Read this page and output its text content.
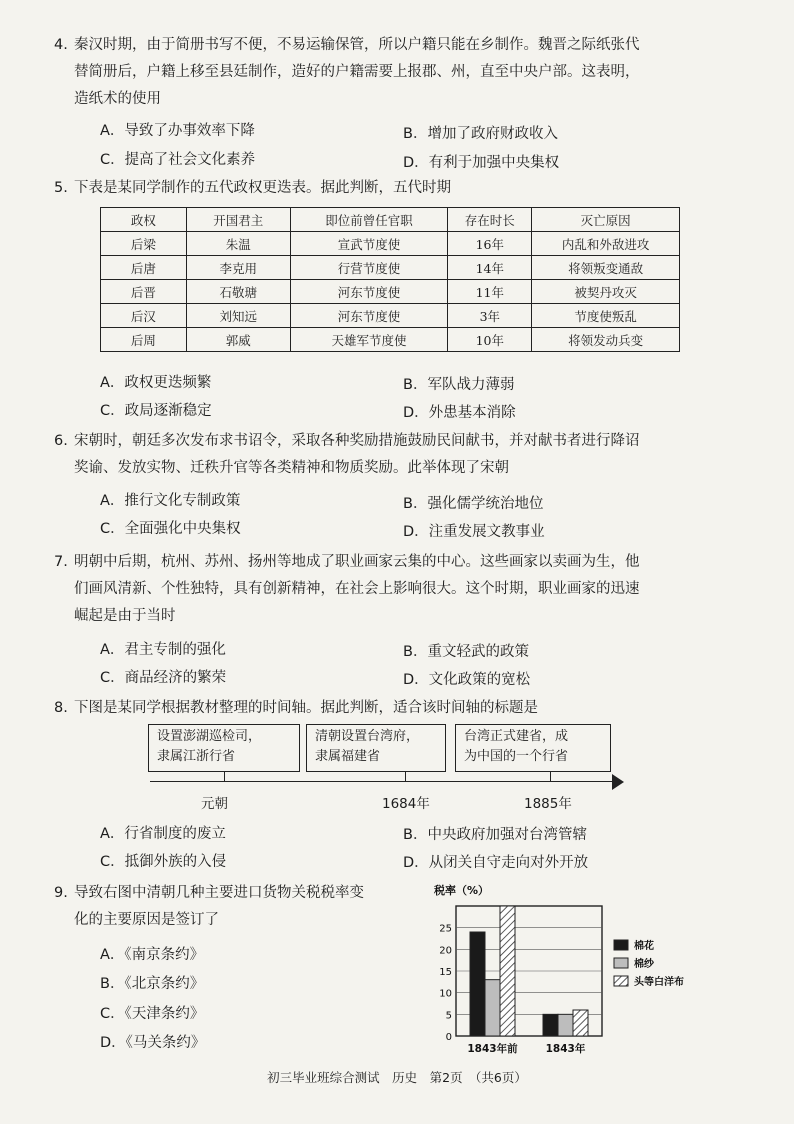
4. 秦汉时期，由于简册书写不便，不易运输保管，所以户籍只能在乡制作。魏晋之际纸张代
替简册后，户籍上移至县廷制作，造好的户籍需要上报郡、州，直至中央户部。这表明，
造纸术的使用
A．导致了办事效率下降	B．增加了政府财政收入
C．提高了社会文化素养	D．有利于加强中央集权
5. 下表是某同学制作的五代政权更迭表。据此判断，五代时期
政权	开国君主	即位前曾任官职	存在时长	灭亡原因
后梁	朱温	宣武节度使	16年	内乱和外敌进攻
后唐	李克用	行营节度使	14年	将领叛变通敌
后晋	石敬瑭	河东节度使	11年	被契丹攻灭
后汉	刘知远	河东节度使	3年	节度使叛乱
后周	郭威	天雄军节度使	10年	将领发动兵变
A．政权更迭频繁	B．军队战力薄弱
C．政局逐渐稳定	D．外患基本消除
6. 宋朝时，朝廷多次发布求书诏令，采取各种奖励措施鼓励民间献书，并对献书者进行降诏
奖谕、发放实物、迁秩升官等各类精神和物质奖励。此举体现了宋朝
A．推行文化专制政策	B．强化儒学统治地位
C．全面强化中央集权	D．注重发展文教事业
7. 明朝中后期，杭州、苏州、扬州等地成了职业画家云集的中心。这些画家以卖画为生，他
们画风清新、个性独特，具有创新精神，在社会上影响很大。这个时期，职业画家的迅速
崛起是由于当时
A．君主专制的强化	B．重文轻武的政策
C．商品经济的繁荣	D．文化政策的宽松
8. 下图是某同学根据教材整理的时间轴。据此判断，适合该时间轴的标题是
设置澎湖巡检司，
隶属江浙行省
清朝设置台湾府，
隶属福建省
台湾正式建省，成
为中国的一个行省
元朝	1684年	1885年
A．行省制度的废立	B．中央政府加强对台湾管辖
C．抵御外族的入侵	D．从闭关自守走向对外开放
9. 导致右图中清朝几种主要进口货物关税税率变
化的主要原因是签订了
A．《南京条约》
B．《北京条约》
C．《天津条约》
D．《马关条约》
税率（%）
0
5
10
15
20
25
1843年前	1843年
棉花
棉纱
头等白洋布
初三毕业班综合测试　历史　第2页　（共6页）
